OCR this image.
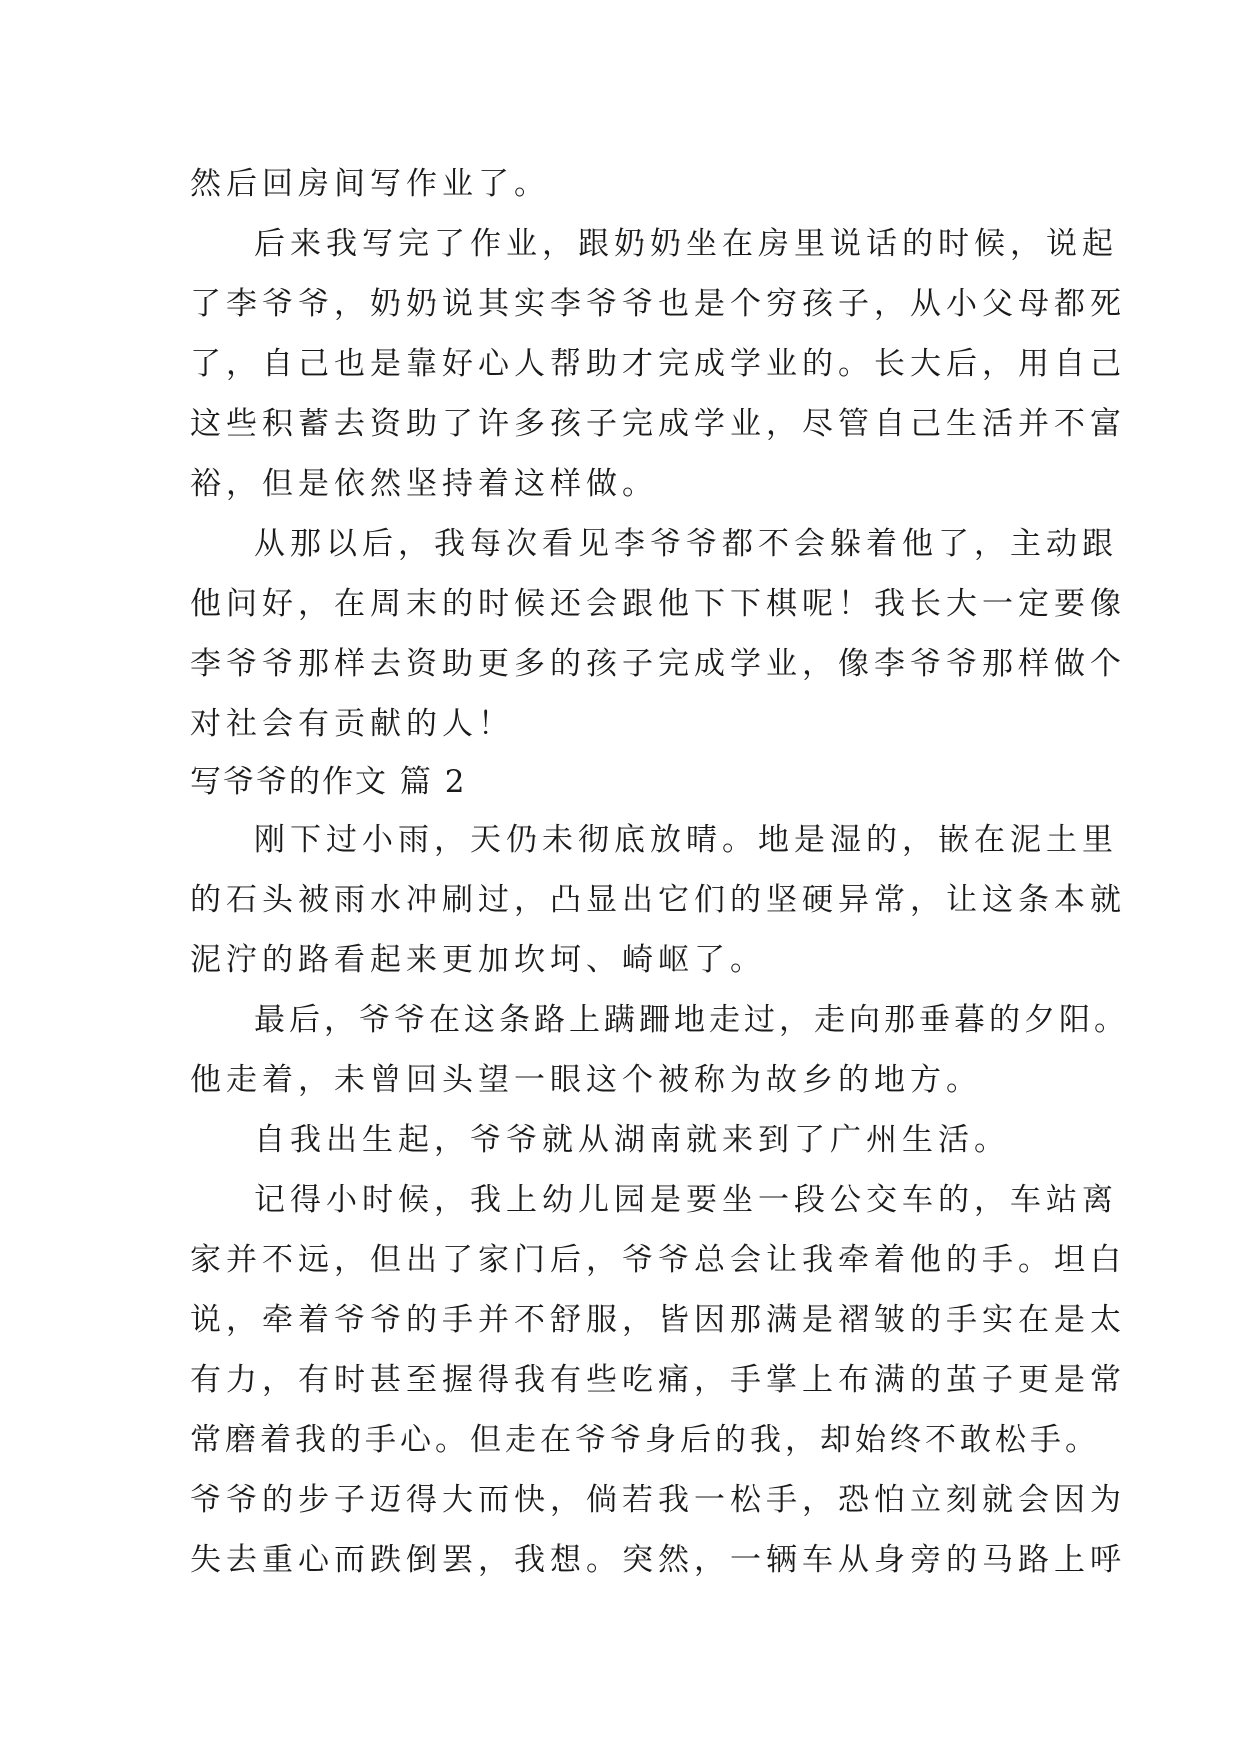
然后回房间写作业了。
后来我写完了作业，跟奶奶坐在房里说话的时候，说起
了李爷爷，奶奶说其实李爷爷也是个穷孩子，从小父母都死
了，自己也是靠好心人帮助才完成学业的。长大后，用自己
这些积蓄去资助了许多孩子完成学业，尽管自己生活并不富
裕，但是依然坚持着这样做。
从那以后，我每次看见李爷爷都不会躲着他了，主动跟
他问好，在周末的时候还会跟他下下棋呢！我长大一定要像
李爷爷那样去资助更多的孩子完成学业，像李爷爷那样做个
对社会有贡献的人！
写爷爷的作文 篇 2
刚下过小雨，天仍未彻底放晴。地是湿的，嵌在泥土里
的石头被雨水冲刷过，凸显出它们的坚硬异常，让这条本就
泥泞的路看起来更加坎坷、崎岖了。
最后，爷爷在这条路上蹒跚地走过，走向那垂暮的夕阳。
他走着，未曾回头望一眼这个被称为故乡的地方。
自我出生起，爷爷就从湖南就来到了广州生活。
记得小时候，我上幼儿园是要坐一段公交车的，车站离
家并不远，但出了家门后，爷爷总会让我牵着他的手。坦白
说，牵着爷爷的手并不舒服，皆因那满是褶皱的手实在是太
有力，有时甚至握得我有些吃痛，手掌上布满的茧子更是常
常磨着我的手心。但走在爷爷身后的我，却始终不敢松手。
爷爷的步子迈得大而快，倘若我一松手，恐怕立刻就会因为
失去重心而跌倒罢，我想。突然，一辆车从身旁的马路上呼
